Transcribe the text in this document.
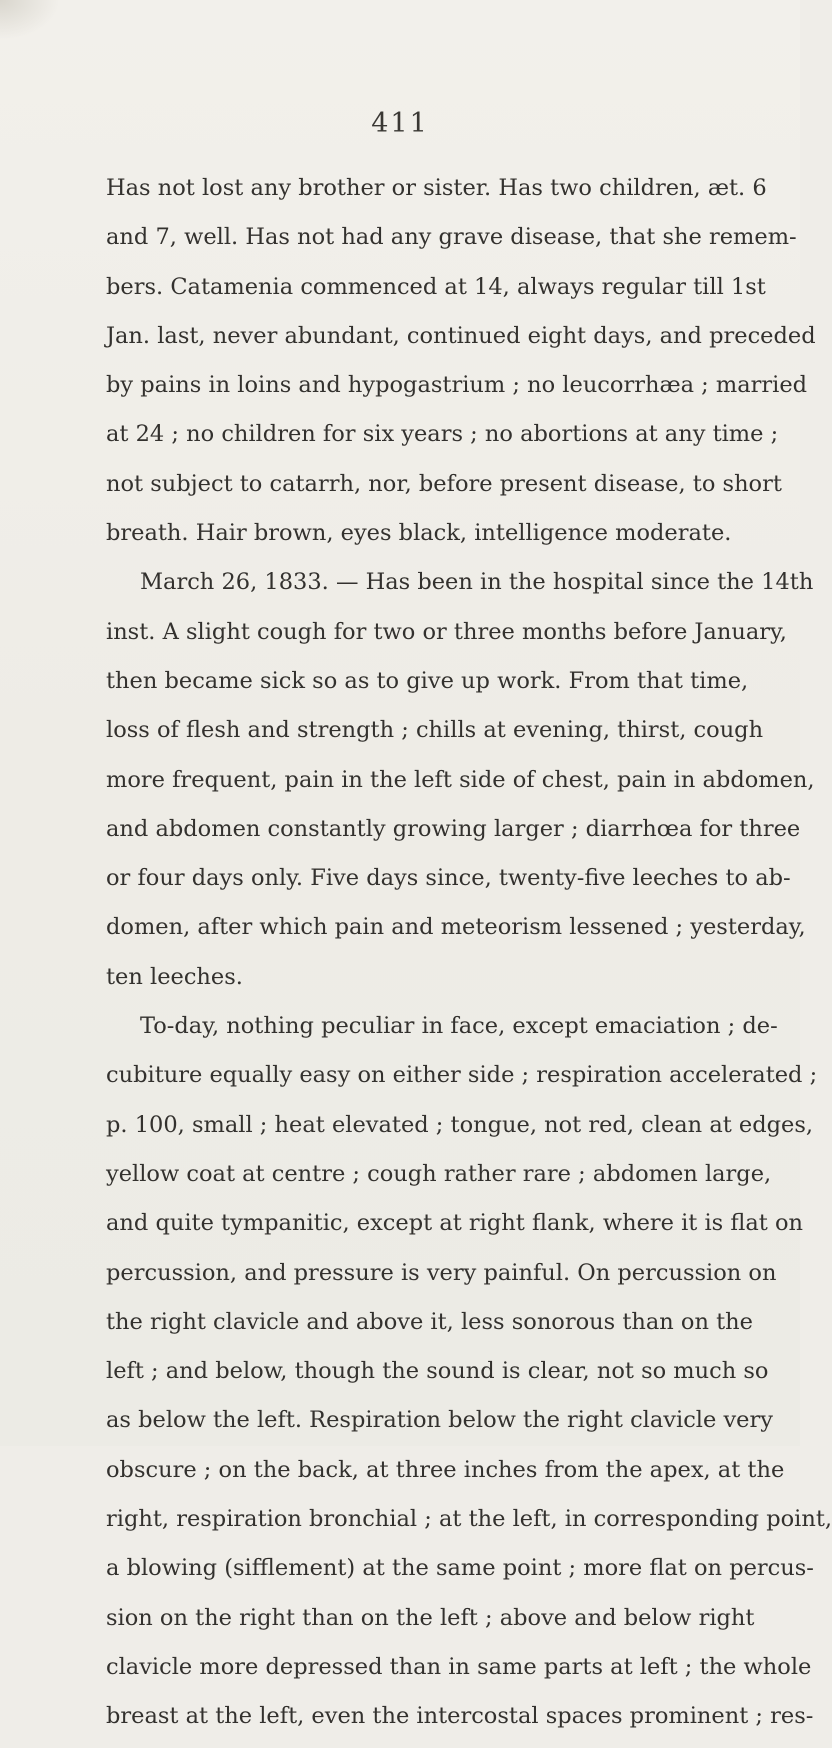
411
Has not lost any brother or sister. Has two children, æt. 6
and 7, well. Has not had any grave disease, that she remem-
bers. Catamenia commenced at 14, always regular till 1st
Jan. last, never abundant, continued eight days, and preceded
by pains in loins and hypogastrium ; no leucorrhæa ; married
at 24 ; no children for six years ; no abortions at any time ;
not subject to catarrh, nor, before present disease, to short
breath. Hair brown, eyes black, intelligence moderate.
March 26, 1833. — Has been in the hospital since the 14th
inst. A slight cough for two or three months before January,
then became sick so as to give up work. From that time,
loss of flesh and strength ; chills at evening, thirst, cough
more frequent, pain in the left side of chest, pain in abdomen,
and abdomen constantly growing larger ; diarrhœa for three
or four days only. Five days since, twenty-five leeches to ab-
domen, after which pain and meteorism lessened ; yesterday,
ten leeches.
To-day, nothing peculiar in face, except emaciation ; de-
cubiture equally easy on either side ; respiration accelerated ;
p. 100, small ; heat elevated ; tongue, not red, clean at edges,
yellow coat at centre ; cough rather rare ; abdomen large,
and quite tympanitic, except at right flank, where it is flat on
percussion, and pressure is very painful. On percussion on
the right clavicle and above it, less sonorous than on the
left ; and below, though the sound is clear, not so much so
as below the left. Respiration below the right clavicle very
obscure ; on the back, at three inches from the apex, at the
right, respiration bronchial ; at the left, in corresponding point,
a blowing (sifflement) at the same point ; more flat on percus-
sion on the right than on the left ; above and below right
clavicle more depressed than in same parts at left ; the whole
breast at the left, even the intercostal spaces prominent ; res-
